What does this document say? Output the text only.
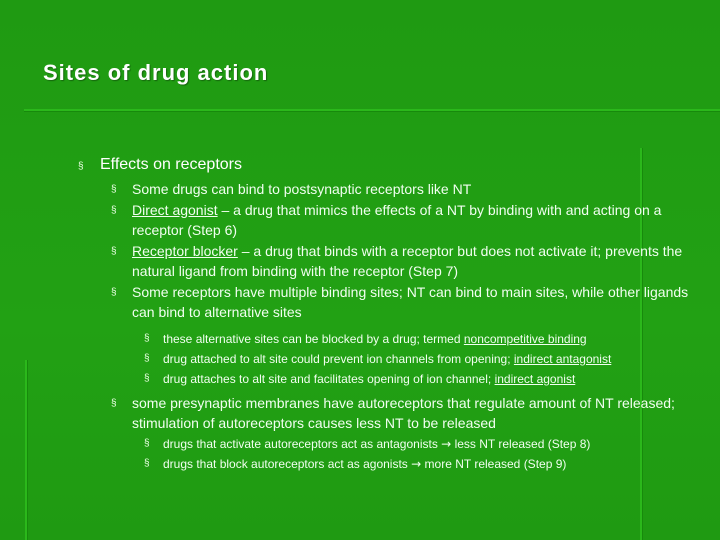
Sites of drug action
§ Effects on receptors
§ Some drugs can bind to postsynaptic receptors like NT
§ Direct agonist – a drug that mimics the effects of a NT by binding with and acting on a receptor (Step 6)
§ Receptor blocker – a drug that binds with a receptor but does not activate it; prevents the natural ligand from binding with the receptor (Step 7)
§ Some receptors have multiple binding sites; NT can bind to main sites, while other ligands can bind to alternative sites
§ these alternative sites can be blocked by a drug; termed noncompetitive binding
§ drug attached to alt site could prevent ion channels from opening; indirect antagonist
§ drug attaches to alt site and facilitates opening of ion channel; indirect agonist
§ some presynaptic membranes have autoreceptors that regulate amount of NT released; stimulation of autoreceptors causes less NT to be released
§ drugs that activate autoreceptors act as antagonists → less NT released (Step 8)
§ drugs that block autoreceptors act as agonists → more NT released (Step 9)
